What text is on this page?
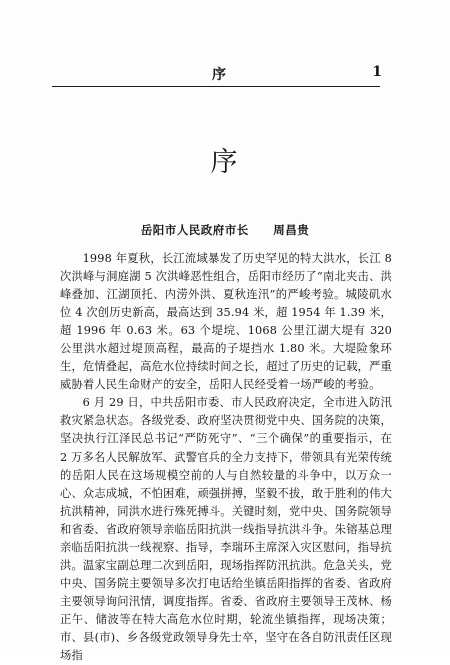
序	1
序
岳阳市人民政府市长 周昌贵

1998 年夏秋，长江流域暴发了历史罕见的特大洪水，长江 8 次洪峰与洞庭湖 5 次洪峰恶性组合，岳阳市经历了“南北夹击、洪峰叠加、江湖顶托、内涝外洪、夏秋连汛”的严峻考验。城陵矶水位 4 次创历史新高，最高达到 35.94 米，超 1954 年 1.39 米，超 1996 年 0.63 米。63 个堤垸、1068 公里江湖大堤有 320 公里洪水超过堤顶高程，最高的子堤挡水 1.80 米。大堤险象环生，危情叠起，高危水位持续时间之长，超过了历史的记载，严重威胁着人民生命财产的安全，岳阳人民经受着一场严峻的考验。

6 月 29 日，中共岳阳市委、市人民政府决定，全市进入防汛救灾紧急状态。各级党委、政府坚决贯彻党中央、国务院的决策，坚决执行江泽民总书记“严防死守”、“三个确保”的重要指示，在 2 万多名人民解放军、武警官兵的全力支持下，带领具有光荣传统的岳阳人民在这场规模空前的人与自然较量的斗争中，以万众一心、众志成城，不怕困难，顽强拼搏，坚毅不拔，敢于胜利的伟大抗洪精神，同洪水进行殊死搏斗。关键时刻，党中央、国务院领导和省委、省政府领导亲临岳阳抗洪一线指导抗洪斗争。朱镕基总理亲临岳阳抗洪一线视察、指导，李瑞环主席深入灾区慰问，指导抗洪。温家宝副总理二次到岳阳，现场指挥防汛抗洪。危急关头，党中央、国务院主要领导多次打电话给坐镇岳阳指挥的省委、省政府主要领导询问汛情，调度指挥。省委、省政府主要领导王茂林、杨正午、储波等在特大高危水位时期，轮流坐镇指挥，现场决策；市、县(市)、乡各级党政领导身先士卒，坚守在各自防汛责任区现场指
